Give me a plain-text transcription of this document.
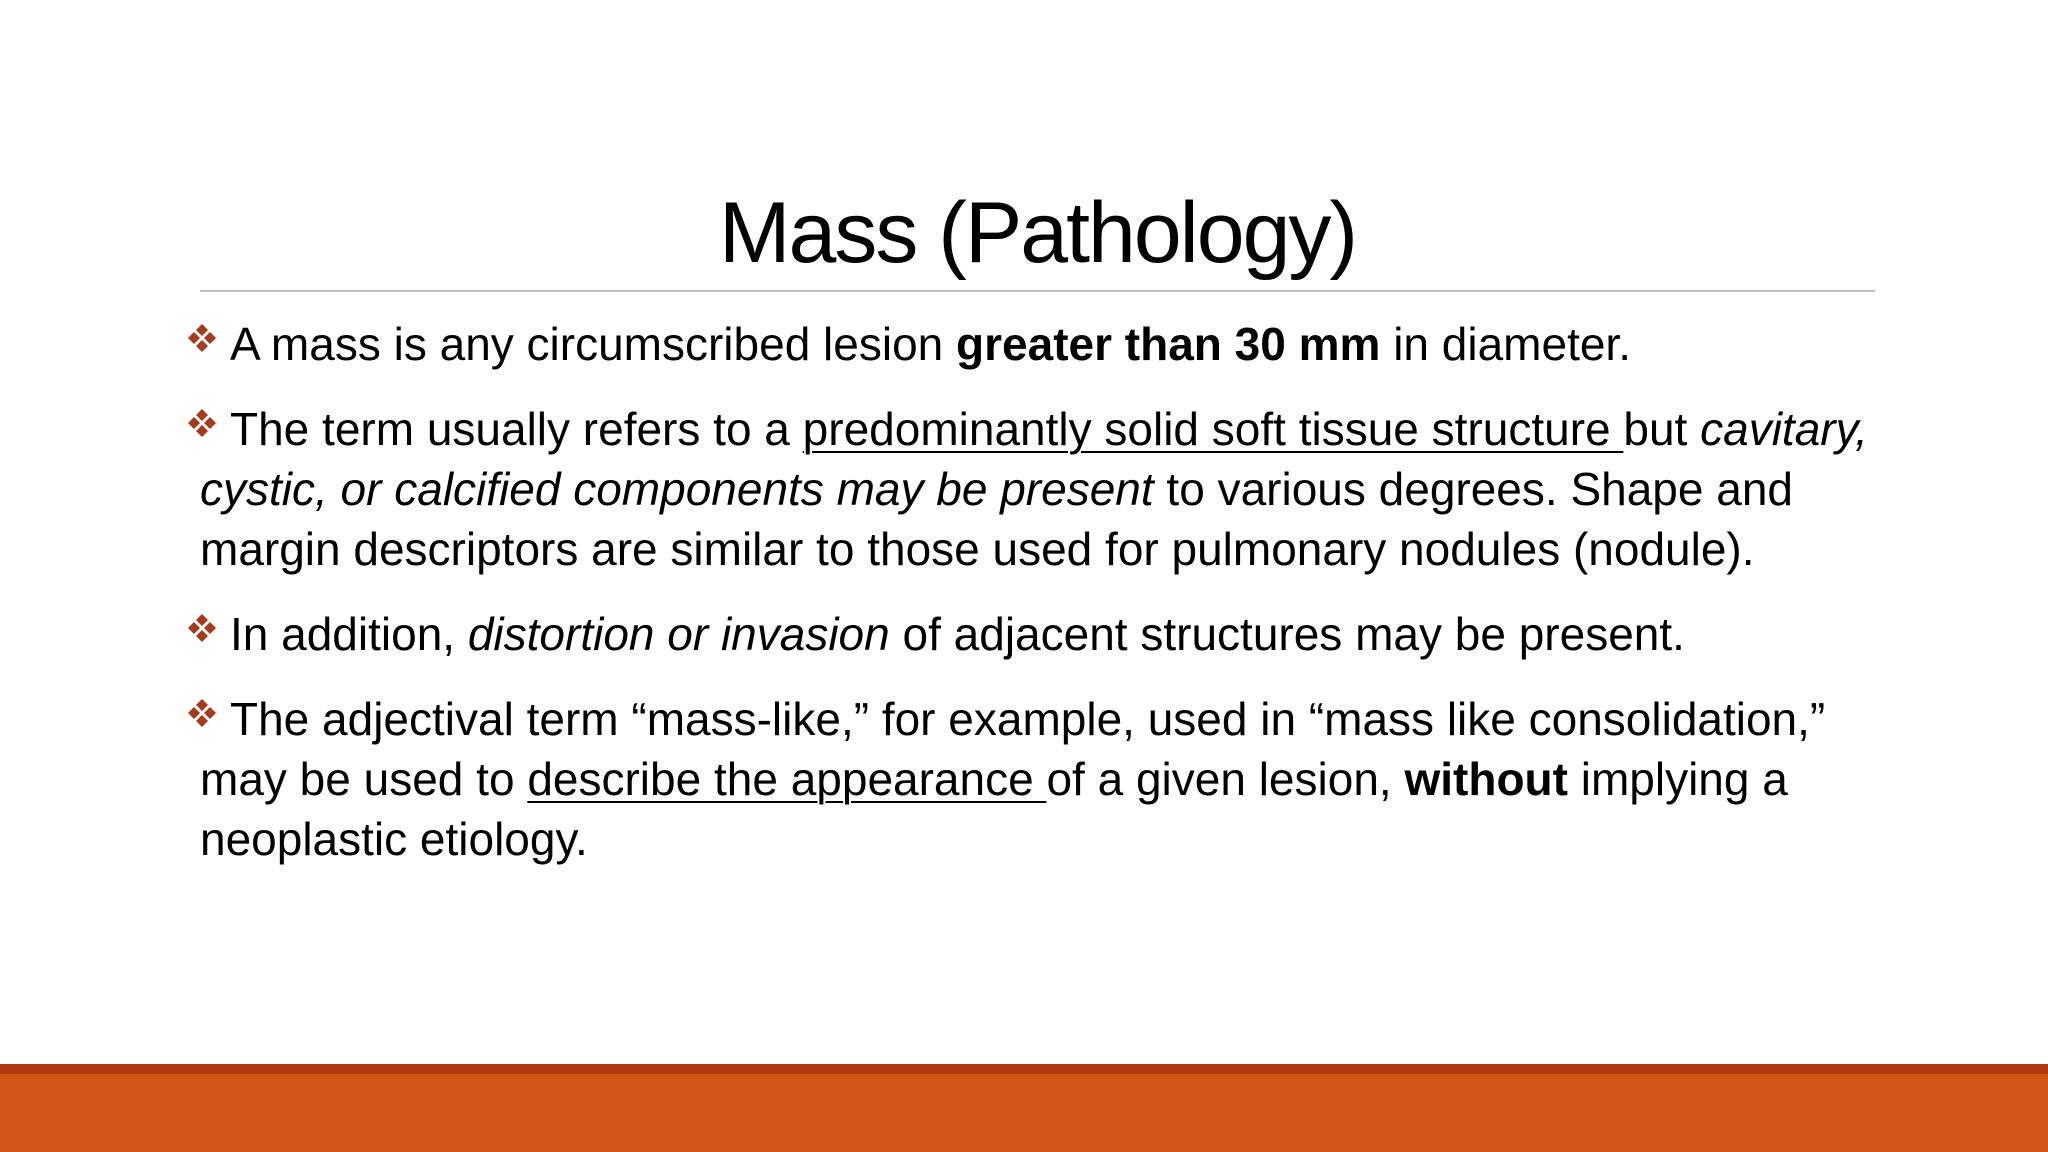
Mass (Pathology)

A mass is any circumscribed lesion greater than 30 mm in diameter.

The term usually refers to a predominantly solid soft tissue structure but cavitary, cystic, or calcified components may be present to various degrees. Shape and margin descriptors are similar to those used for pulmonary nodules (nodule).

In addition, distortion or invasion of adjacent structures may be present.

The adjectival term “mass-like,” for example, used in “mass like consolidation,” may be used to describe the appearance of a given lesion, without implying a neoplastic etiology.
